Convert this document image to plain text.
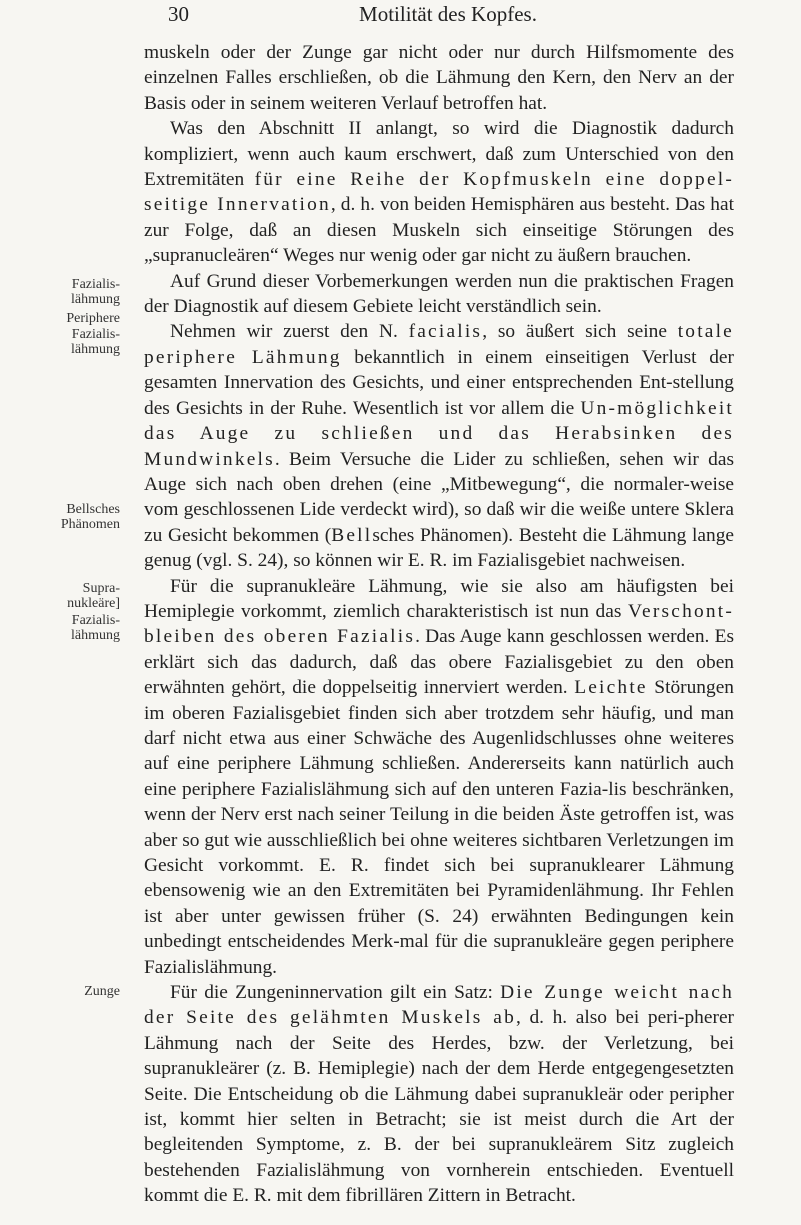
30	Motilität des Kopfes.
Fazialis-
lähmung
Periphere
Fazialis-
lähmung
Bellsches
Phänomen
Supra-
nukleäre]
Fazialis-
lähmung
Zunge

muskeln oder der Zunge gar nicht oder nur durch Hilfsmomente des einzelnen Falles erschließen, ob die Lähmung den Kern, den Nerv an der Basis oder in seinem weiteren Verlauf betroffen hat.

Was den Abschnitt II anlangt, so wird die Diagnostik dadurch kompliziert, wenn auch kaum erschwert, daß zum Unterschied von den Extremitäten für eine Reihe der Kopfmuskeln eine doppel-seitige Innervation, d. h. von beiden Hemisphären aus besteht. Das hat zur Folge, daß an diesen Muskeln sich einseitige Störungen des „supranucleären“ Weges nur wenig oder gar nicht zu äußern brauchen.

Auf Grund dieser Vorbemerkungen werden nun die praktischen Fragen der Diagnostik auf diesem Gebiete leicht verständlich sein.

Nehmen wir zuerst den N. facialis, so äußert sich seine totale periphere Lähmung bekanntlich in einem einseitigen Verlust der gesamten Innervation des Gesichts, und einer entsprechenden Ent-stellung des Gesichts in der Ruhe. Wesentlich ist vor allem die Un-möglichkeit das Auge zu schließen und das Herabsinken des Mundwinkels. Beim Versuche die Lider zu schließen, sehen wir das Auge sich nach oben drehen (eine „Mitbewegung“, die normaler-weise vom geschlossenen Lide verdeckt wird), so daß wir die weiße untere Sklera zu Gesicht bekommen (Bellsches Phänomen). Besteht die Lähmung lange genug (vgl. S. 24), so können wir E. R. im Fazialisgebiet nachweisen.

Für die supranukleäre Lähmung, wie sie also am häufigsten bei Hemiplegie vorkommt, ziemlich charakteristisch ist nun das Verschont-bleiben des oberen Fazialis. Das Auge kann geschlossen werden. Es erklärt sich das dadurch, daß das obere Fazialisgebiet zu den oben erwähnten gehört, die doppelseitig innerviert werden. Leichte Störungen im oberen Fazialisgebiet finden sich aber trotzdem sehr häufig, und man darf nicht etwa aus einer Schwäche des Augenlidschlusses ohne weiteres auf eine periphere Lähmung schließen. Andererseits kann natürlich auch eine periphere Fazialislähmung sich auf den unteren Fazia-lis beschränken, wenn der Nerv erst nach seiner Teilung in die beiden Äste getroffen ist, was aber so gut wie ausschließlich bei ohne weiteres sichtbaren Verletzungen im Gesicht vorkommt. E. R. findet sich bei supranuklearer Lähmung ebensowenig wie an den Extremitäten bei Pyramidenlähmung. Ihr Fehlen ist aber unter gewissen früher (S. 24) erwähnten Bedingungen kein unbedingt entscheidendes Merk-mal für die supranukleäre gegen periphere Fazialislähmung.

Für die Zungeninnervation gilt ein Satz: Die Zunge weicht nach der Seite des gelähmten Muskels ab, d. h. also bei peri-pherer Lähmung nach der Seite des Herdes, bzw. der Verletzung, bei supranukleärer (z. B. Hemiplegie) nach der dem Herde entgegengesetzten Seite. Die Entscheidung ob die Lähmung dabei supranukleär oder peripher ist, kommt hier selten in Betracht; sie ist meist durch die Art der begleitenden Symptome, z. B. der bei supranukleärem Sitz zugleich bestehenden Fazialislähmung von vornherein entschieden. Eventuell kommt die E. R. mit dem fibrillären Zittern in Betracht.
